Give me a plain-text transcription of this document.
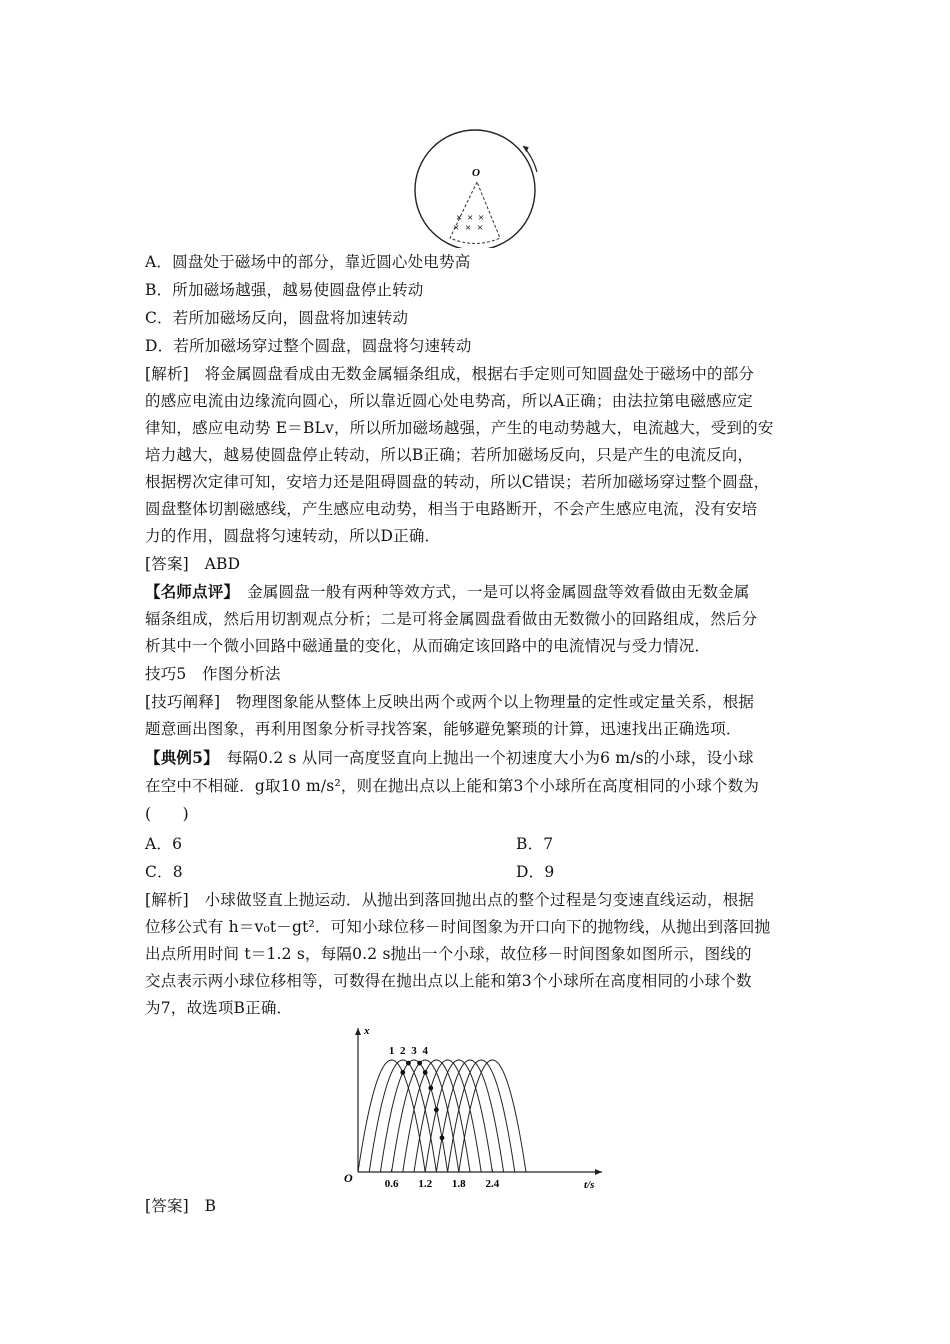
O
× × ×
× × ×
A．圆盘处于磁场中的部分，靠近圆心处电势高
B．所加磁场越强，越易使圆盘停止转动
C．若所加磁场反向，圆盘将加速转动
D．若所加磁场穿过整个圆盘，圆盘将匀速转动
[解析]　将金属圆盘看成由无数金属辐条组成，根据右手定则可知圆盘处于磁场中的部分
的感应电流由边缘流向圆心，所以靠近圆心处电势高，所以A正确；由法拉第电磁感应定
律知，感应电动势 E＝BLv，所以所加磁场越强，产生的电动势越大，电流越大，受到的安
培力越大，越易使圆盘停止转动，所以B正确；若所加磁场反向，只是产生的电流反向，
根据楞次定律可知，安培力还是阻碍圆盘的转动，所以C错误；若所加磁场穿过整个圆盘，
圆盘整体切割磁感线，产生感应电动势，相当于电路断开，不会产生感应电流，没有安培
力的作用，圆盘将匀速转动，所以D正确．
[答案]　ABD
【名师点评】　金属圆盘一般有两种等效方式，一是可以将金属圆盘等效看做由无数金属
辐条组成，然后用切割观点分析；二是可将金属圆盘看做由无数微小的回路组成，然后分
析其中一个微小回路中磁通量的变化，从而确定该回路中的电流情况与受力情况．
技巧5　作图分析法
[技巧阐释]　物理图象能从整体上反映出两个或两个以上物理量的定性或定量关系，根据
题意画出图象，再利用图象分析寻找答案，能够避免繁琐的计算，迅速找出正确选项．
【典例5】　每隔0.2 s 从同一高度竖直向上抛出一个初速度大小为6 m/s的小球，设小球
在空中不相碰．g取10 m/s²，则在抛出点以上能和第3个小球所在高度相同的小球个数为
(　　)
A．6	B．7
C．8	D．9
[解析]　小球做竖直上抛运动．从抛出到落回抛出点的整个过程是匀变速直线运动，根据
位移公式有 h＝v₀t－gt²．可知小球位移－时间图象为开口向下的抛物线，从抛出到落回抛
出点所用时间 t＝1.2 s，每隔0.2 s抛出一个小球，故位移－时间图象如图所示，图线的
交点表示两小球位移相等，可数得在抛出点以上能和第3个小球所在高度相同的小球个数
为7，故选项B正确．
O
x
t/s
0.6 1.2 1.8 2.4
1 2 3 4
[答案]　B
